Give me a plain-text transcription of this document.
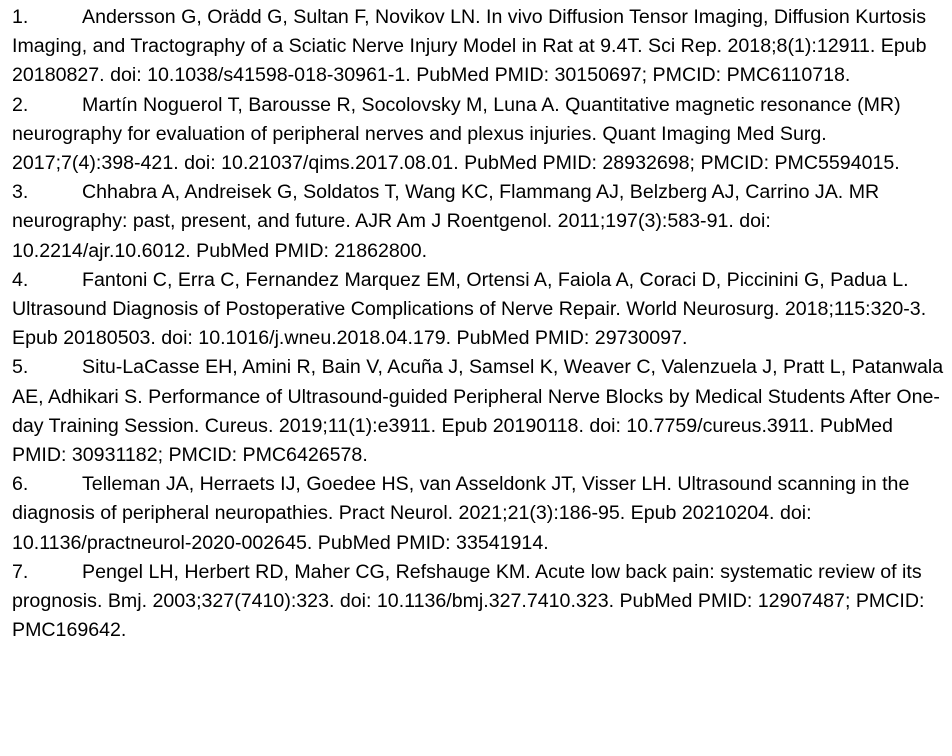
1.	Andersson G, Orädd G, Sultan F, Novikov LN. In vivo Diffusion Tensor Imaging, Diffusion Kurtosis Imaging, and Tractography of a Sciatic Nerve Injury Model in Rat at 9.4T. Sci Rep. 2018;8(1):12911. Epub 20180827. doi: 10.1038/s41598-018-30961-1. PubMed PMID: 30150697; PMCID: PMC6110718.

2.	Martín Noguerol T, Barousse R, Socolovsky M, Luna A. Quantitative magnetic resonance (MR) neurography for evaluation of peripheral nerves and plexus injuries. Quant Imaging Med Surg. 2017;7(4):398-421. doi: 10.21037/qims.2017.08.01. PubMed PMID: 28932698; PMCID: PMC5594015.

3.	Chhabra A, Andreisek G, Soldatos T, Wang KC, Flammang AJ, Belzberg AJ, Carrino JA. MR neurography: past, present, and future. AJR Am J Roentgenol. 2011;197(3):583-91. doi: 10.2214/ajr.10.6012. PubMed PMID: 21862800.

4.	Fantoni C, Erra C, Fernandez Marquez EM, Ortensi A, Faiola A, Coraci D, Piccinini G, Padua L. Ultrasound Diagnosis of Postoperative Complications of Nerve Repair. World Neurosurg. 2018;115:320-3. Epub 20180503. doi: 10.1016/j.wneu.2018.04.179. PubMed PMID: 29730097.

5.	Situ-LaCasse EH, Amini R, Bain V, Acuña J, Samsel K, Weaver C, Valenzuela J, Pratt L, Patanwala AE, Adhikari S. Performance of Ultrasound-guided Peripheral Nerve Blocks by Medical Students After One-day Training Session. Cureus. 2019;11(1):e3911. Epub 20190118. doi: 10.7759/cureus.3911. PubMed PMID: 30931182; PMCID: PMC6426578.

6.	Telleman JA, Herraets IJ, Goedee HS, van Asseldonk JT, Visser LH. Ultrasound scanning in the diagnosis of peripheral neuropathies. Pract Neurol. 2021;21(3):186-95. Epub 20210204. doi: 10.1136/practneurol-2020-002645. PubMed PMID: 33541914.

7.	Pengel LH, Herbert RD, Maher CG, Refshauge KM. Acute low back pain: systematic review of its prognosis. Bmj. 2003;327(7410):323. doi: 10.1136/bmj.327.7410.323. PubMed PMID: 12907487; PMCID: PMC169642.
